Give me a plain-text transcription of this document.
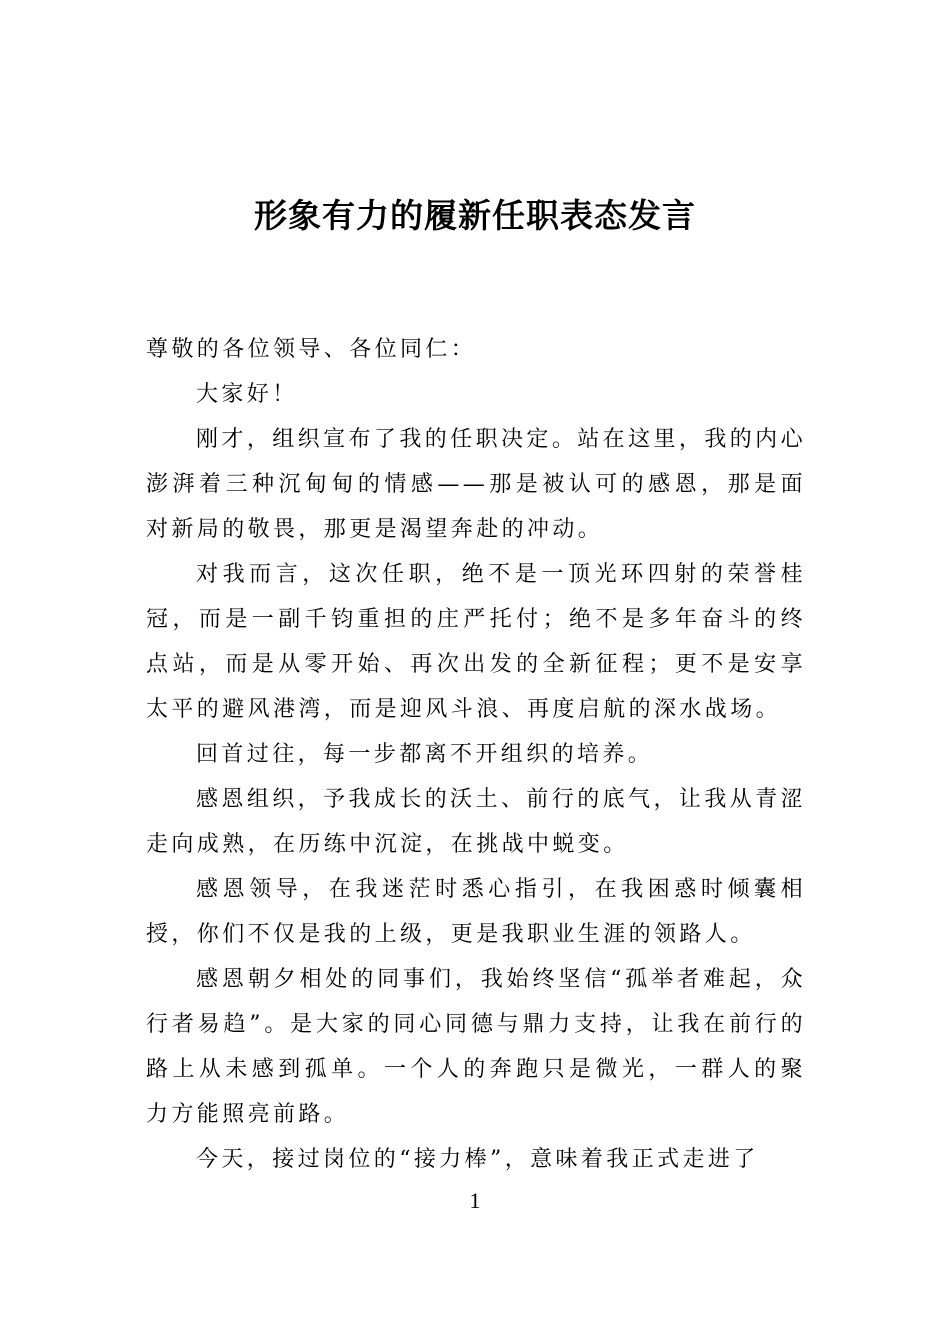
形象有力的履新任职表态发言

尊敬的各位领导、各位同仁：

大家好！

刚才，组织宣布了我的任职决定。站在这里，我的内心澎湃着三种沉甸甸的情感——那是被认可的感恩，那是面对新局的敬畏，那更是渴望奔赴的冲动。

对我而言，这次任职，绝不是一顶光环四射的荣誉桂冠，而是一副千钧重担的庄严托付；绝不是多年奋斗的终点站，而是从零开始、再次出发的全新征程；更不是安享太平的避风港湾，而是迎风斗浪、再度启航的深水战场。

回首过往，每一步都离不开组织的培养。

感恩组织，予我成长的沃土、前行的底气，让我从青涩走向成熟，在历练中沉淀，在挑战中蜕变。

感恩领导，在我迷茫时悉心指引，在我困惑时倾囊相授，你们不仅是我的上级，更是我职业生涯的领路人。

感恩朝夕相处的同事们，我始终坚信“孤举者难起，众行者易趋”。是大家的同心同德与鼎力支持，让我在前行的路上从未感到孤单。一个人的奔跑只是微光，一群人的聚力方能照亮前路。

今天，接过岗位的“接力棒”，意味着我正式走进了

1
